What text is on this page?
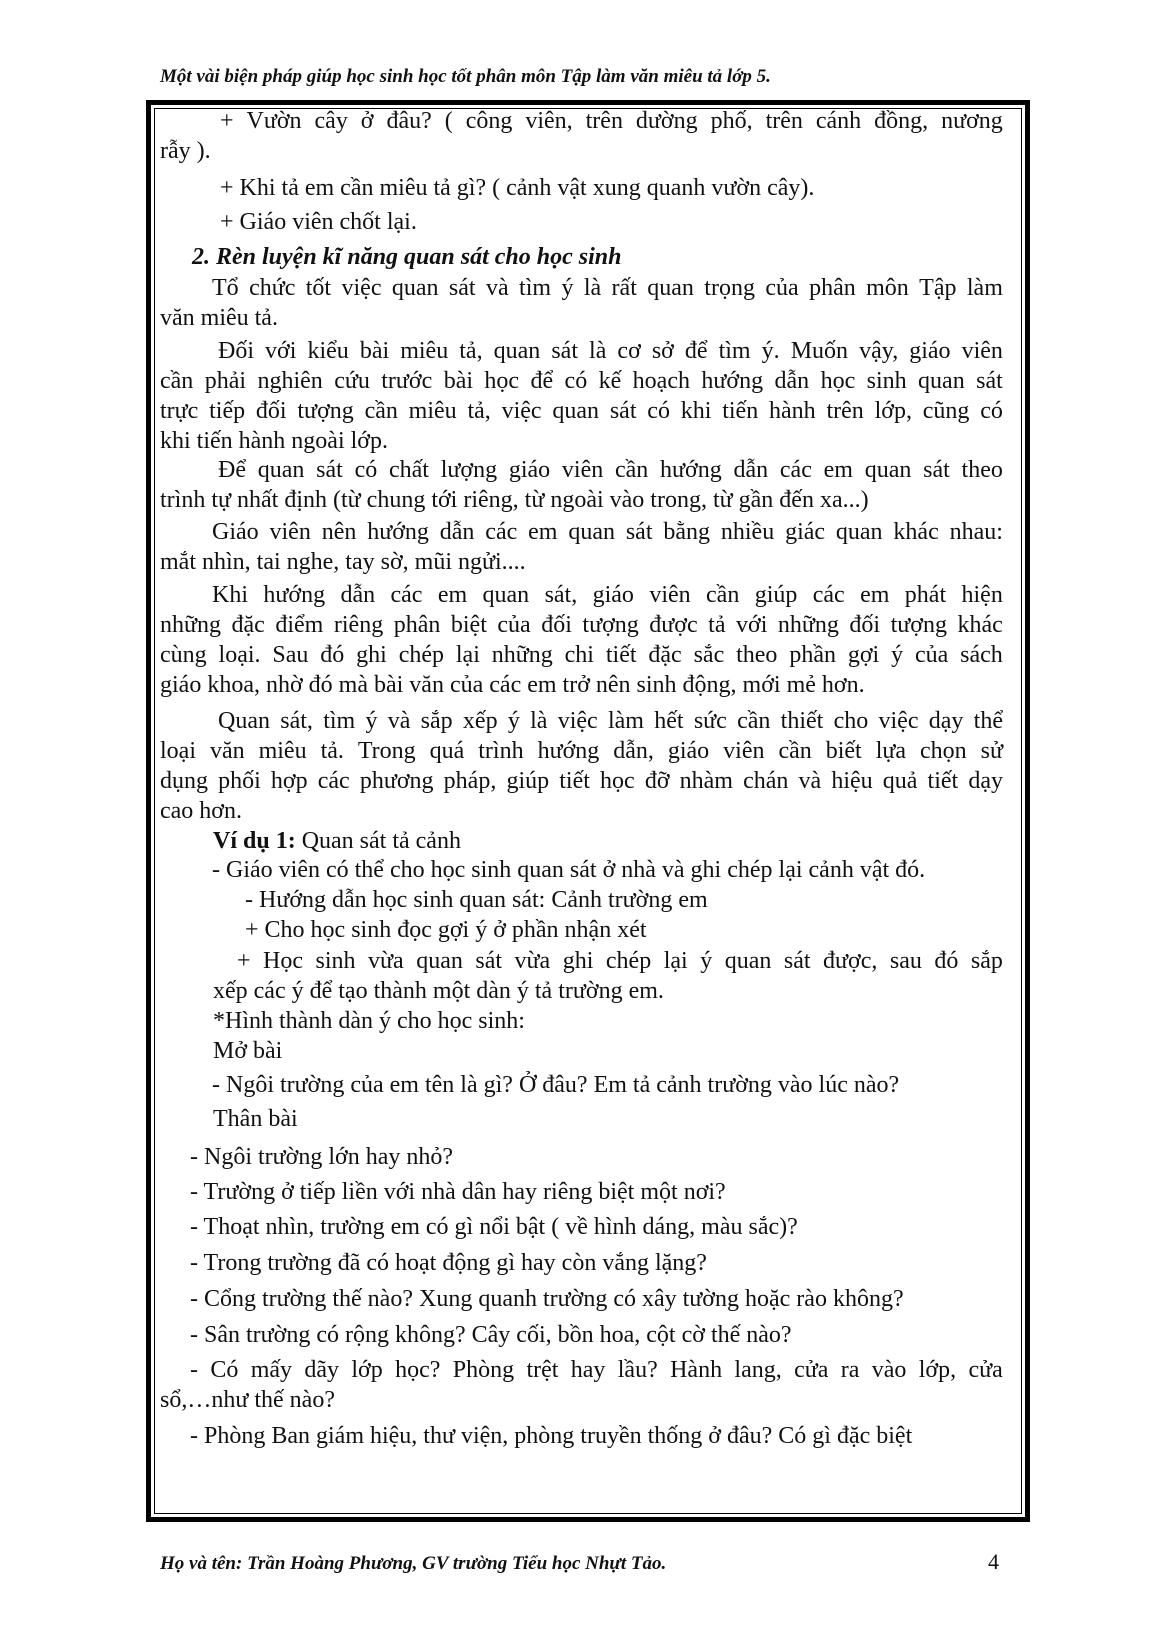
Một vài biện pháp giúp học sinh học tốt phân môn Tập làm văn miêu tả lớp 5.
+ Vườn cây ở đâu? ( công viên, trên dường phố, trên cánh đồng, nương
rẫy ).
+ Khi tả em cần miêu tả gì? ( cảnh vật xung quanh vườn cây).
+ Giáo viên chốt lại.
2. Rèn luyện kĩ năng quan sát cho học sinh
Tổ chức tốt việc quan sát và tìm ý là rất quan trọng của phân môn Tập làm
văn miêu tả.
Đối với kiểu bài miêu tả, quan sát là cơ sở để tìm ý. Muốn vậy, giáo viên
cần phải nghiên cứu trước bài học để có kế hoạch hướng dẫn học sinh quan sát
trực tiếp đối tượng cần miêu tả, việc quan sát có khi tiến hành trên lớp, cũng có
khi tiến hành ngoài lớp.
Để quan sát có chất lượng giáo viên cần hướng dẫn các em quan sát theo
trình tự nhất định (từ chung tới riêng, từ ngoài vào trong, từ gần đến xa...)
Giáo viên nên hướng dẫn các em quan sát bằng nhiều giác quan khác nhau:
mắt nhìn, tai nghe, tay sờ, mũi ngửi....
Khi hướng dẫn các em quan sát, giáo viên cần giúp các em phát hiện
những đặc điểm riêng phân biệt của đối tượng được tả với những đối tượng khác
cùng loại. Sau đó ghi chép lại những chi tiết đặc sắc theo phần gợi ý của sách
giáo khoa, nhờ đó mà bài văn của các em trở nên sinh động, mới mẻ hơn.
Quan sát, tìm ý và sắp xếp ý là việc làm hết sức cần thiết cho việc dạy thể
loại văn miêu tả. Trong quá trình hướng dẫn, giáo viên cần biết lựa chọn sử
dụng phối hợp các phương pháp, giúp tiết học đỡ nhàm chán và hiệu quả tiết dạy
cao hơn.
Ví dụ 1: Quan sát tả cảnh
- Giáo viên có thể cho học sinh quan sát ở nhà và ghi chép lại cảnh vật đó.
- Hướng dẫn học sinh quan sát: Cảnh trường em
+ Cho học sinh đọc gợi ý ở phần nhận xét
+ Học sinh vừa quan sát vừa ghi chép lại ý quan sát được, sau đó sắp
xếp các ý để tạo thành một dàn ý tả trường em.
*Hình thành dàn ý cho học sinh:
Mở bài
- Ngôi trường của em tên là gì? Ở đâu? Em tả cảnh trường vào lúc nào?
Thân bài
- Ngôi trường lớn hay nhỏ?
- Trường ở tiếp liền với nhà dân hay riêng biệt một nơi?
- Thoạt nhìn, trường em có gì nổi bật ( về hình dáng, màu sắc)?
- Trong trường đã có hoạt động gì hay còn vắng lặng?
- Cổng trường thế nào? Xung quanh trường có xây tường hoặc rào không?
- Sân trường có rộng không? Cây cối, bồn hoa, cột cờ thế nào?
- Có mấy dãy lớp học? Phòng trệt hay lầu? Hành lang, cửa ra vào lớp, cửa
sổ,…như thế nào?
- Phòng Ban giám hiệu, thư viện, phòng truyền thống ở đâu? Có gì đặc biệt
Họ và tên: Trần Hoàng Phương, GV trường Tiểu học Nhựt Tảo.	4
